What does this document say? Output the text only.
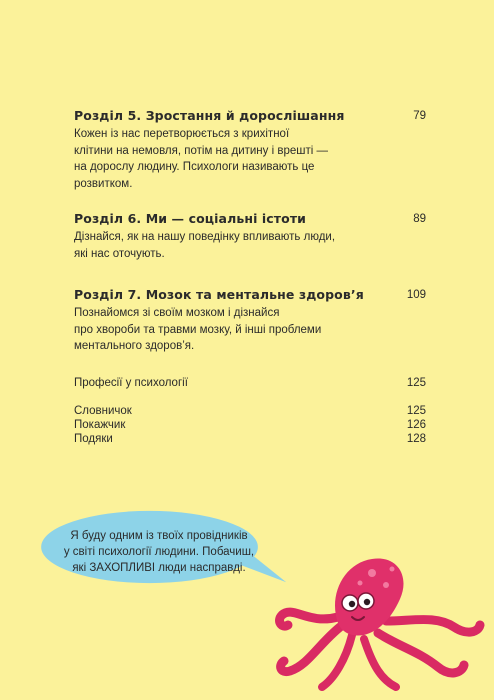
Розділ 5. Зростання й дорослішання	79
Кожен із нас перетворюється з крихітної
клітини на немовля, потім на дитину і врешті —
на дорослу людину. Психологи називають це
розвитком.
Розділ 6. Ми — соціальні істоти	89
Дізнайся, як на нашу поведінку впливають люди,
які нас оточують.
Розділ 7. Мозок та ментальне здоров’я	109
Познайомся зі своїм мозком і дізнайся
про хвороби та травми мозку, й інші проблеми
ментального здоров’я.
Професії у психології	125
Словничок	125
Покажчик	126
Подяки	128
Я буду одним із твоїх провідників
у світі психології людини. Побачиш,
які ЗАХОПЛИВІ люди насправді.
